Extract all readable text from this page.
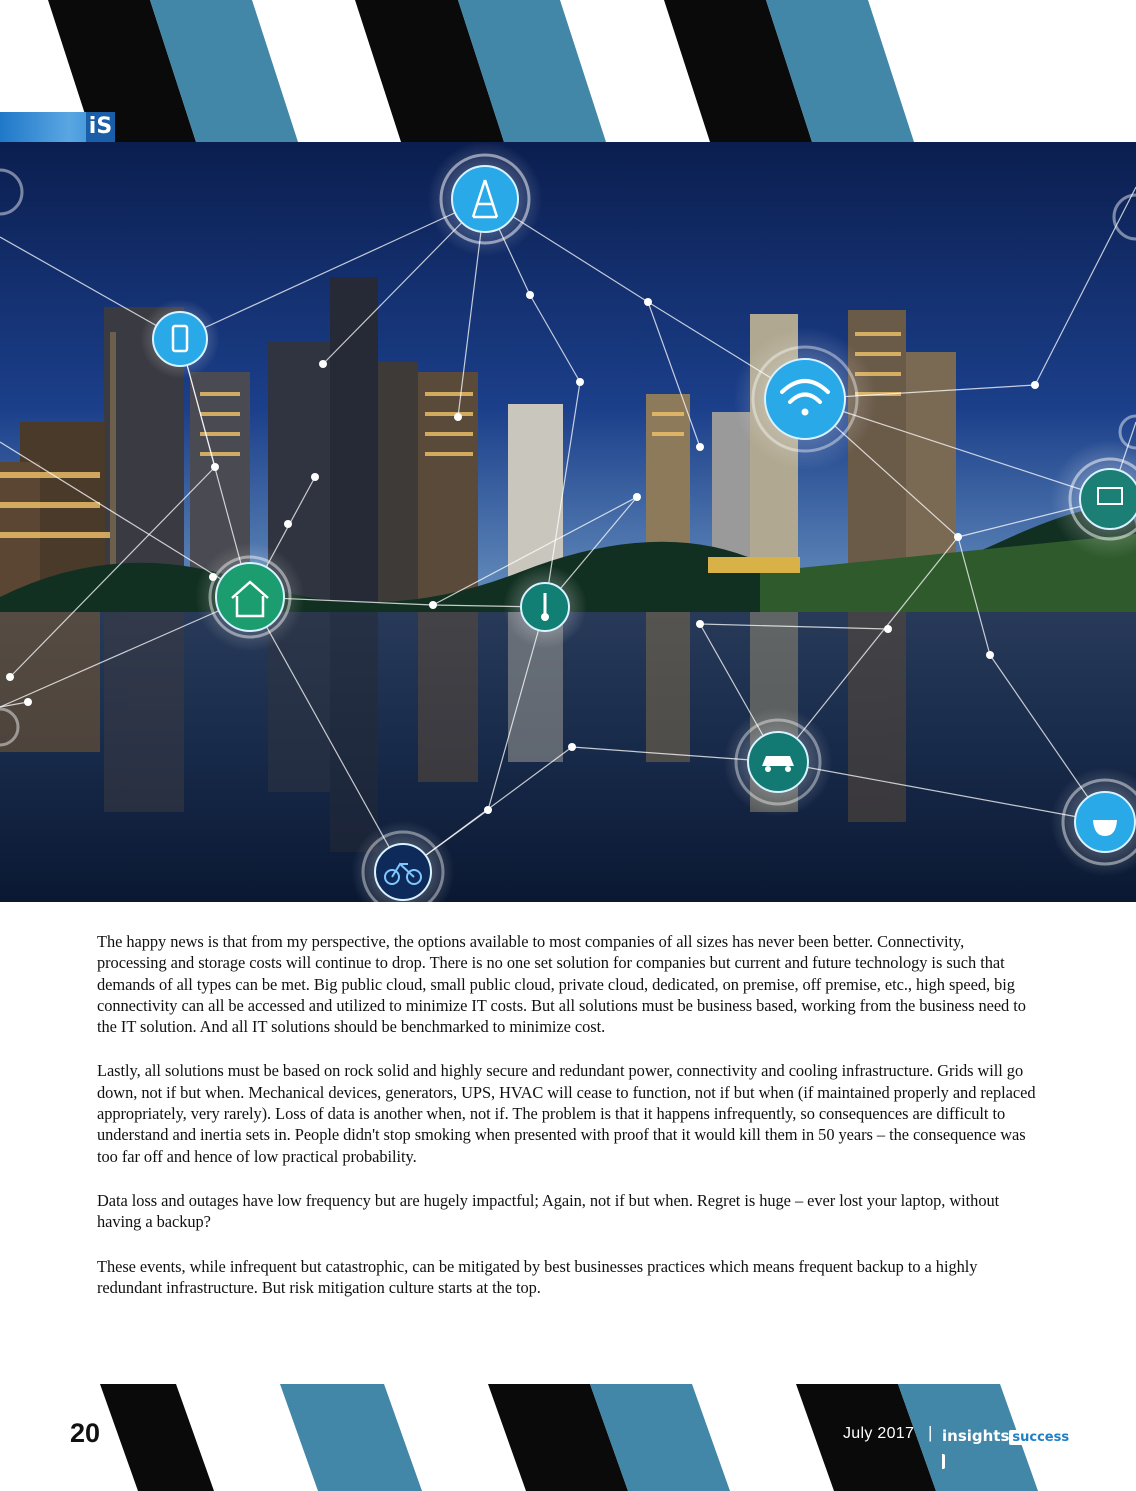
iS

The happy news is that from my perspective, the options available to most companies of all sizes has never been better. Connectivity, processing and storage costs will continue to drop. There is no one set solution for companies but current and future technology is such that demands of all types can be met. Big public cloud, small public cloud, private cloud, dedicated, on premise, off premise, etc., high speed, big connectivity can all be accessed and utilized to minimize IT costs. But all solutions must be business based, working from the business need to the IT solution. And all IT solutions should be benchmarked to minimize cost.

Lastly, all solutions must be based on rock solid and highly secure and redundant power, connectivity and cooling infrastructure. Grids will go down, not if but when. Mechanical devices, generators, UPS, HVAC will cease to function, not if but when (if maintained properly and replaced appropriately, very rarely). Loss of data is another when, not if. The problem is that it happens infrequently, so consequences are difficult to understand and inertia sets in. People didn't stop smoking when presented with proof that it would kill them in 50 years – the consequence was too far off and hence of low practical probability.

Data loss and outages have low frequency but are hugely impactful; Again, not if but when. Regret is huge – ever lost your laptop, without having a backup?

These events, while infrequent but catastrophic, can be mitigated by best businesses practices which means frequent backup to a highly redundant infrastructure. But risk mitigation culture starts at the top.

20	July 2017 | insights success
